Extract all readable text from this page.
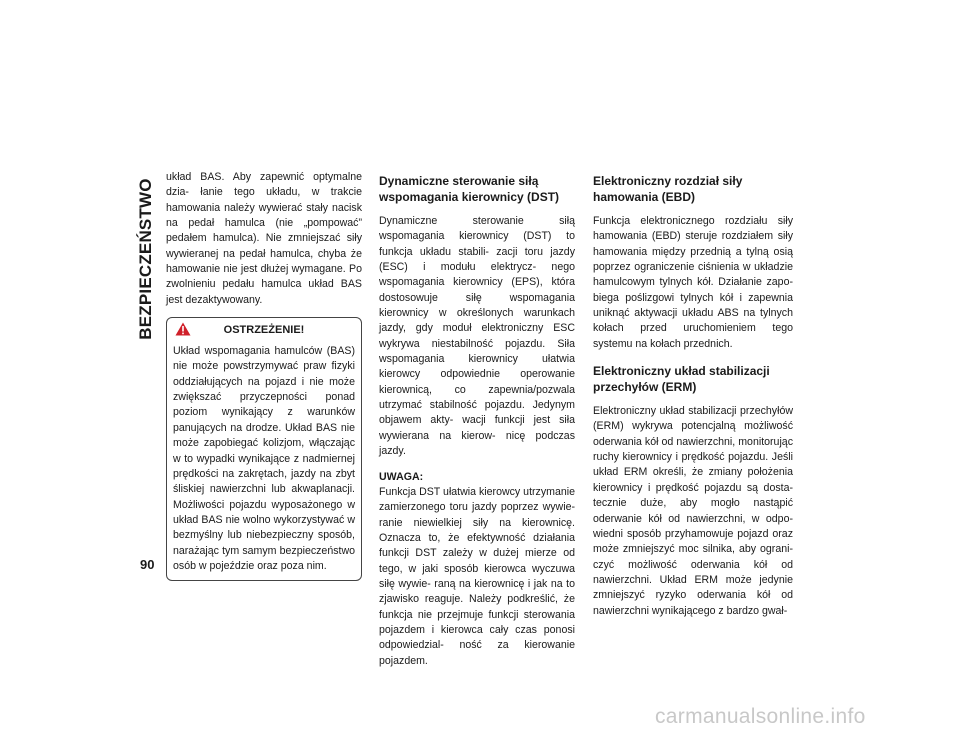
BEZPIECZEŃSTWO
90

układ BAS. Aby zapewnić optymalne dzia- łanie tego układu, w trakcie hamowania należy wywierać stały nacisk na pedał hamulca (nie „pompować” pedałem hamulca). Nie zmniejszać siły wywieranej na pedał hamulca, chyba że hamowanie nie jest dłużej wymagane. Po zwolnieniu pedału hamulca układ BAS jest dezaktywowany.

OSTRZEŻENIE!

Układ wspomagania hamulców (BAS) nie może powstrzymywać praw fizyki oddziałujących na pojazd i nie może zwiększać przyczepności ponad poziom wynikający z warunków panujących na drodze. Układ BAS nie może zapobiegać kolizjom, włączając w to wypadki wynikające z nadmiernej prędkości na zakrętach, jazdy na zbyt śliskiej nawierzchni lub akwaplanacji. Możliwości pojazdu wyposażonego w układ BAS nie wolno wykorzystywać w bezmyślny lub niebezpieczny sposób, narażając tym samym bezpieczeństwo osób w pojeździe oraz poza nim.

Dynamiczne sterowanie siłą wspomagania kierownicy (DST)

Dynamiczne sterowanie siłą wspomagania kierownicy (DST) to funkcja układu stabili- zacji toru jazdy (ESC) i modułu elektrycz- nego wspomagania kierownicy (EPS), która dostosowuje siłę wspomagania kierownicy w określonych warunkach jazdy, gdy moduł elektroniczny ESC wykrywa niestabilność pojazdu. Siła wspomagania kierownicy ułatwia kierowcy odpowiednie operowanie kierownicą, co zapewnia/pozwala utrzymać stabilność pojazdu. Jedynym objawem akty- wacji funkcji jest siła wywierana na kierow- nicę podczas jazdy.

UWAGA:

Funkcja DST ułatwia kierowcy utrzymanie zamierzonego toru jazdy poprzez wywie- ranie niewielkiej siły na kierownicę. Oznacza to, że efektywność działania funkcji DST zależy w dużej mierze od tego, w jaki sposób kierowca wyczuwa siłę wywie- raną na kierownicę i jak na to zjawisko reaguje. Należy podkreślić, że funkcja nie przejmuje funkcji sterowania pojazdem i kierowca cały czas ponosi odpowiedzial- ność za kierowanie pojazdem.

Elektroniczny rozdział siły hamowania (EBD)

Funkcja elektronicznego rozdziału siły hamowania (EBD) steruje rozdziałem siły hamowania między przednią a tylną osią poprzez ograniczenie ciśnienia w układzie hamulcowym tylnych kół. Działanie zapo- biega poślizgowi tylnych kół i zapewnia uniknąć aktywacji układu ABS na tylnych kołach przed uruchomieniem tego systemu na kołach przednich.

Elektroniczny układ stabilizacji przechyłów (ERM)

Elektroniczny układ stabilizacji przechyłów (ERM) wykrywa potencjalną możliwość oderwania kół od nawierzchni, monitorując ruchy kierownicy i prędkość pojazdu. Jeśli układ ERM określi, że zmiany położenia kierownicy i prędkość pojazdu są dosta- tecznie duże, aby mogło nastąpić oderwanie kół od nawierzchni, w odpo- wiedni sposób przyhamowuje pojazd oraz może zmniejszyć moc silnika, aby ograni- czyć możliwość oderwania kół od nawierzchni. Układ ERM może jedynie zmniejszyć ryzyko oderwania kół od nawierzchni wynikającego z bardzo gwał-

carmanualsonline.info
